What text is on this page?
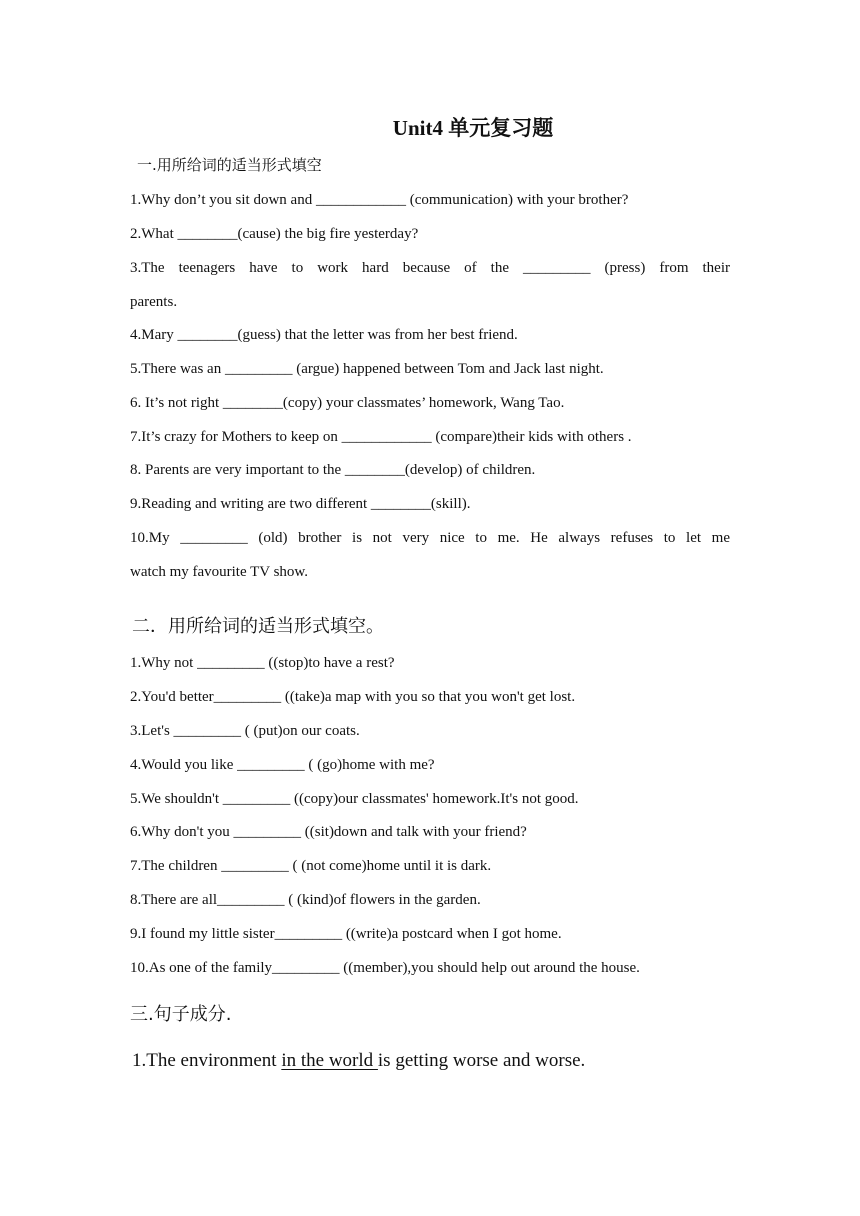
Unit4 单元复习题
一.用所给词的适当形式填空
1.Why don’t you sit down and ____________ (communication) with your brother?
2.What ________(cause) the big fire yesterday?
3.The teenagers have to work hard because of the _________ (press) from their
parents.
4.Mary ________(guess) that the letter was from her best friend.
5.There was an _________ (argue) happened between Tom and Jack last night.
6. It’s not right ________(copy) your classmates’ homework, Wang Tao.
7.It’s crazy for Mothers to keep on ____________ (compare)their kids with others .
8. Parents are very important to the ________(develop) of children.
9.Reading and writing are two different ________(skill).
10.My _________ (old) brother is not very nice to me. He always refuses to let me
watch my favourite TV show.
二．用所给词的适当形式填空。
1.Why not _________ ((stop)to have a rest?
2.You'd better_________ ((take)a map with you so that you won't get lost.
3.Let's _________ ( (put)on our coats.
4.Would you like _________ ( (go)home with me?
5.We shouldn't _________ ((copy)our classmates' homework.It's not good.
6.Why don't you _________ ((sit)down and talk with your friend?
7.The children _________ ( (not come)home until it is dark.
8.There are all_________ ( (kind)of flowers in the garden.
9.I found my little sister_________ ((write)a postcard when I got home.
10.As one of the family_________ ((member),you should help out around the house.
三.句子成分.
1.The environment in the world is getting worse and worse.
